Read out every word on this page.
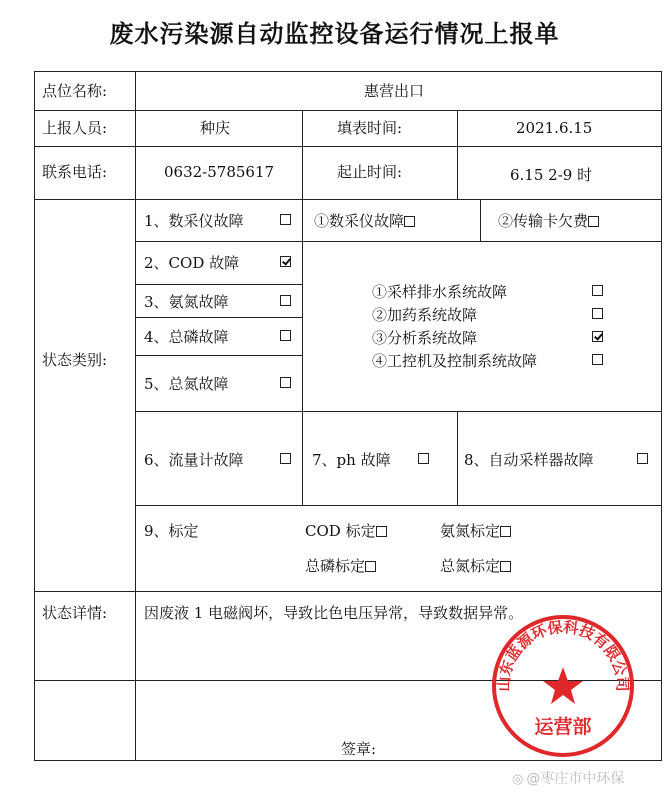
废水污染源自动监控设备运行情况上报单
点位名称:	惠营出口
上报人员:	种庆	填表时间:	2021.6.15
联系电话:	0632-5785617	起止时间:	6.15 2-9 时
状态类别:
1、数采仪故障	①数采仪故障	②传输卡欠费
2、COD 故障
3、氨氮故障
4、总磷故障
5、总氮故障
①采样排水系统故障
②加药系统故障
③分析系统故障
④工控机及控制系统故障
6、流量计故障	7、ph 故障	8、自动采样器故障
9、标定	COD 标定	氨氮标定
总磷标定	总氮标定
状态详情: 因废液 1 电磁阀坏，导致比色电压异常，导致数据异常。
签章:
山东蓝源环保科技有限公司
运营部
◎ @枣庄市中环保
